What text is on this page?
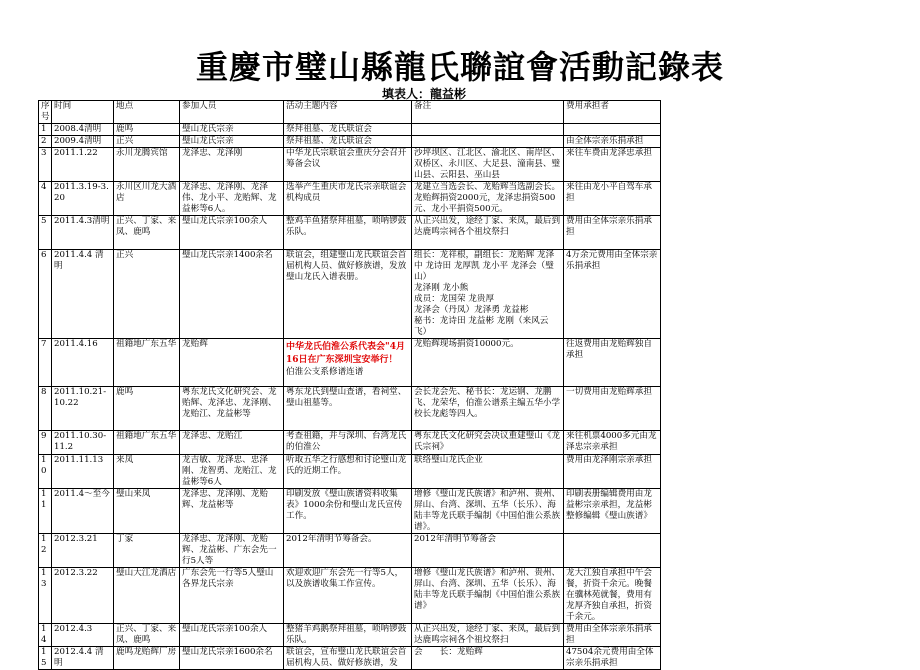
重慶市璧山縣龍氏聯誼會活動記錄表
填表人：龍益彬
序号	时间	地点	参加人员	活动主题内容	备注	费用承担者
1	2008.4清明	鹿鸣	璧山龙氏宗亲	祭拜祖墓、龙氏联谊会		
2	2009.4清明	正兴	璧山龙氏宗亲	祭拜祖墓、龙氏联谊会		由全体宗亲乐捐承担
3	2011.1.22	永川龙腾宾馆	龙泽忠、龙泽刚	中华龙氏宗联谊会重庆分会召开筹备会议	沙坪坝区、江北区、渝北区、南岸区、双桥区、永川区、大足县、潼南县、璧山县、云阳县、巫山县	来往车费由龙泽忠承担
4	2011.3.19-3.20	永川区川龙大酒店	龙泽忠、龙泽刚、龙泽伟、龙小平、龙贻辉、龙益彬等6人。	选举产生重庆市龙氏宗亲联谊会机构成员	龙建立当选会长、龙贻辉当选副会长。龙贻辉捐资2000元，龙泽忠捐资500元、龙小平捐资500元。	来往由龙小平自驾车承担
5	2011.4.3清明	正兴、丁家、来凤、鹿鸣	璧山龙氏宗亲100余人	整鸡羊鱼猪祭拜祖墓，唢呐锣鼓乐队。	从正兴出发，途经丁家、来凤，最后到达鹿鸣宗祠各个祖坟祭扫	费用由全体宗亲乐捐承担
6	2011.4.4 清明	正兴	璧山龙氏宗亲1400余名	联谊会，组建璧山龙氏联谊会首届机构人员、做好修族谱，发放璧山龙氏入谱表册。	组长：龙祥根，副组长：龙贻辉 龙泽中 龙诗田 龙厚凯 龙小平 龙泽会（璧山）
龙泽刚 龙小熊
成员：龙国荣 龙贵厚
龙泽会（丹凤）龙泽勇 龙益彬
秘书：龙诗田 龙益彬 龙刚（来风云飞）	4万余元费用由全体宗亲乐捐承担
7	2011.4.16	祖籍地广东五华	龙贻辉	中华龙氏伯淮公系代表会"4月16日在广东深圳宝安举行！
伯淮公支系修谱连谱	龙贻辉现场捐资10000元。	往返费用由龙贻辉独自承担
8	2011.10.21-10.22	鹿鸣	粤东龙氏文化研究会、龙贻辉、龙泽忠、龙泽刚、龙贻江、龙益彬等	粤东龙氏到璧山查谱，看祠堂、璧山祖墓等。	会长龙会先、秘书长：龙运钢、龙鹏飞、龙荣华，伯淮公谱系主编五华小学校长龙彪等四人。	一切费用由龙贻辉承担
9	2011.10.30-11.2	祖籍地广东五华	龙泽忠、龙贻江	考查祖籍，并与深圳、台湾龙氏的伯淮公	粤东龙氏文化研究会决议重建璧山《龙氏宗祠》	来往机票4000多元由龙泽忠宗亲承担
10	2011.11.13	来凤	龙吉敏、龙泽忠、忠泽刚、龙智勇、龙贻江、龙益彬等6人	听取五华之行感想和讨论璧山龙氏的近期工作。	联络璧山龙氏企业	费用由龙泽刚宗亲承担
11	2011.4～至今	璧山来凤	龙泽忠、龙泽刚、龙贻辉、龙益彬等	印刷发放《璧山族谱资料收集表》1000余份和璧山龙氏宣传工作。	增修《璧山龙氏族谱》和泸州、贵州、屏山、台湾、深圳、五华（长乐）、海陆丰等龙氏联手编制《中国伯淮公系族谱》。	印刷表册编辑费用由龙益彬宗亲承担，龙益彬整修编辑《璧山族谱》
12	2012.3.21	丁家	龙泽忠、龙泽刚、龙贻辉、龙益彬、广东会先一行5人等	2012年清明节筹备会。	2012年清明节筹备会	
13	2012.3.22	璧山大江龙酒店	广东会先一行等5人璧山各界龙氏宗亲	欢迎欢迎广东会先一行等5人，以及族谱收集工作宣传。	增修《璧山龙氏族谱》和泸州、贵州、屏山、台湾、深圳、五华（长乐）、海陆丰等龙氏联手编制《中国伯淮公系族谱》	龙大江独自承担中午会餐，折资千余元。晚餐在骥林苑就餐，费用有龙厚齐独自承担，折资千余元。
14	2012.4.3	正兴、丁家、来凤、鹿鸣	璧山龙氏宗亲100余人	整猪羊鸡鹅祭拜祖墓，唢呐锣鼓乐队。	从正兴出发，途经丁家、来凤，最后到达鹿鸣宗祠各个祖坟祭扫	费用由全体宗亲乐捐承担
15	2012.4.4 清明	鹿鸣龙贻辉厂房	璧山龙氏宗亲1600余名	联谊会，宣布璧山龙氏联谊会首届机构人员、做好修族谱，发	会　　长：龙贻辉	47504余元费用由全体宗亲乐捐承担
